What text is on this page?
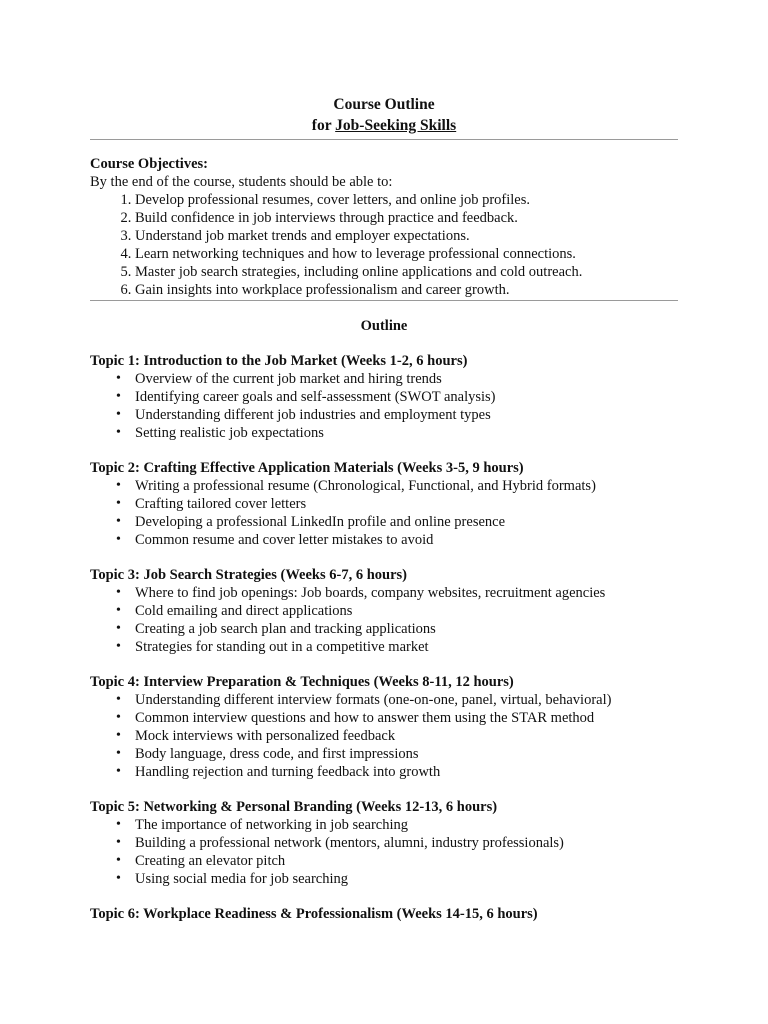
Course Outline
for Job-Seeking Skills
Course Objectives:
By the end of the course, students should be able to:
1. Develop professional resumes, cover letters, and online job profiles.
2. Build confidence in job interviews through practice and feedback.
3. Understand job market trends and employer expectations.
4. Learn networking techniques and how to leverage professional connections.
5. Master job search strategies, including online applications and cold outreach.
6. Gain insights into workplace professionalism and career growth.
Outline
Topic 1: Introduction to the Job Market (Weeks 1-2, 6 hours)
• Overview of the current job market and hiring trends
• Identifying career goals and self-assessment (SWOT analysis)
• Understanding different job industries and employment types
• Setting realistic job expectations
Topic 2: Crafting Effective Application Materials (Weeks 3-5, 9 hours)
• Writing a professional resume (Chronological, Functional, and Hybrid formats)
• Crafting tailored cover letters
• Developing a professional LinkedIn profile and online presence
• Common resume and cover letter mistakes to avoid
Topic 3: Job Search Strategies (Weeks 6-7, 6 hours)
• Where to find job openings: Job boards, company websites, recruitment agencies
• Cold emailing and direct applications
• Creating a job search plan and tracking applications
• Strategies for standing out in a competitive market
Topic 4: Interview Preparation & Techniques (Weeks 8-11, 12 hours)
• Understanding different interview formats (one-on-one, panel, virtual, behavioral)
• Common interview questions and how to answer them using the STAR method
• Mock interviews with personalized feedback
• Body language, dress code, and first impressions
• Handling rejection and turning feedback into growth
Topic 5: Networking & Personal Branding (Weeks 12-13, 6 hours)
• The importance of networking in job searching
• Building a professional network (mentors, alumni, industry professionals)
• Creating an elevator pitch
• Using social media for job searching
Topic 6: Workplace Readiness & Professionalism (Weeks 14-15, 6 hours)
